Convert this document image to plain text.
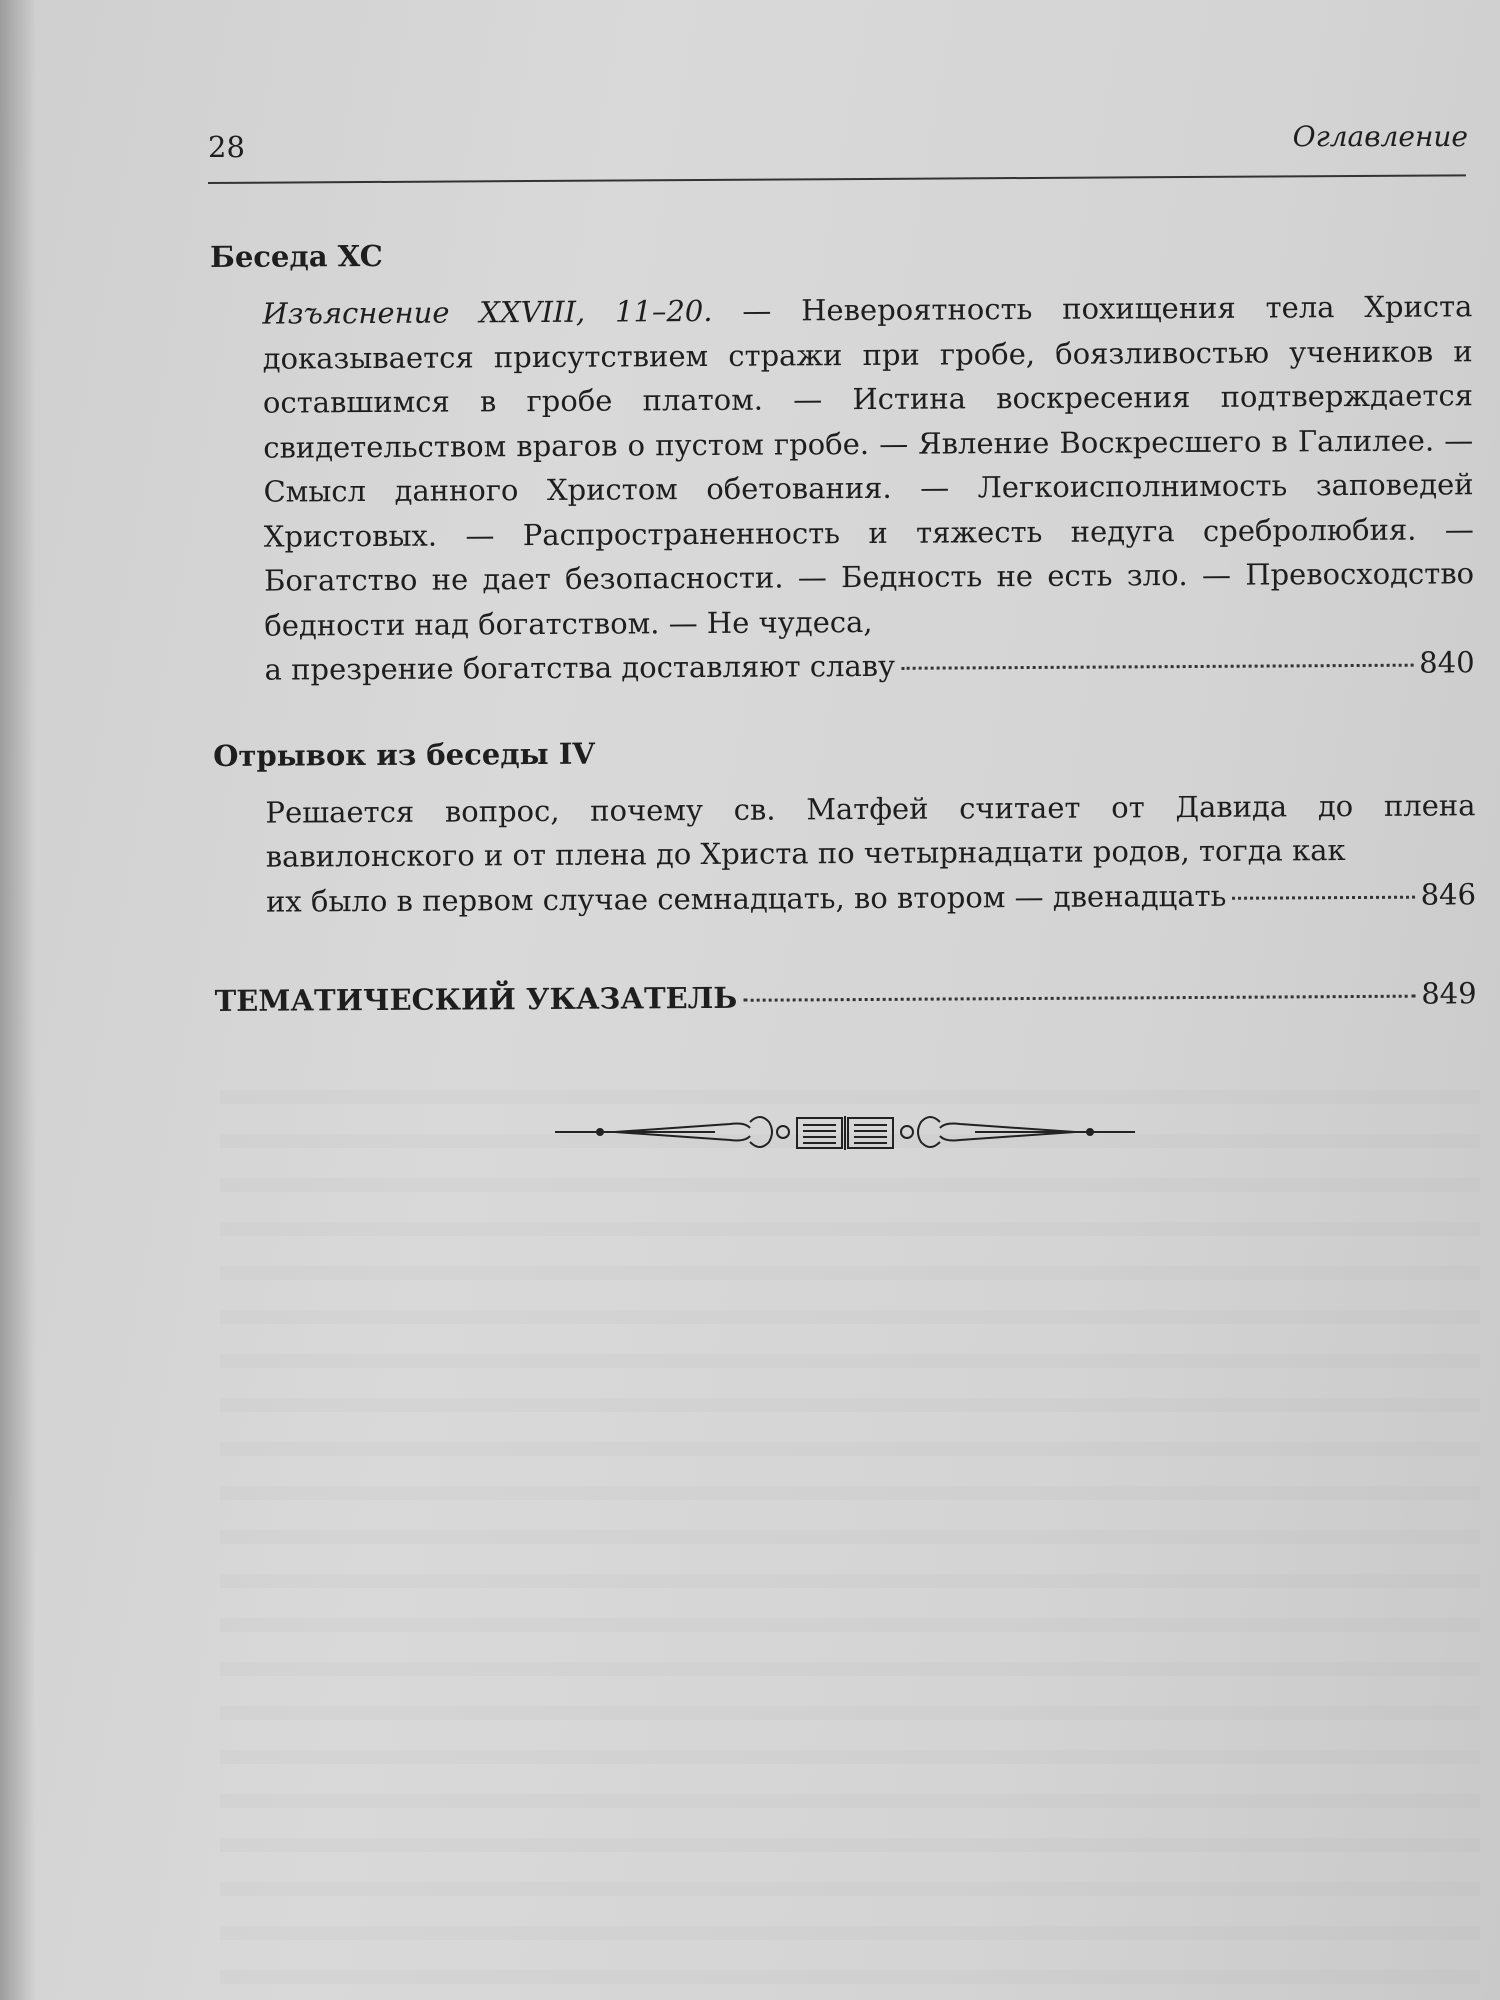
28	Оглавление
Беседа XC
Изъяснение XXVIII, 11–20. — Невероятность похищения тела Христа доказывается присутствием стражи при гробе, боязливостью учеников и оставшимся в гробе платом. — Истина воскресения подтверждается свидетельством врагов о пустом гробе. — Явление Воскресшего в Галилее. — Смысл данного Христом обетования. — Легкоисполнимость заповедей Христовых. — Распространенность и тяжесть недуга сребролюбия. — Богатство не дает безопасности. — Бедность не есть зло. — Превосходство бедности над богатством. — Не чудеса,
а презрение богатства доставляют славу	840
Отрывок из беседы IV
Решается вопрос, почему св. Матфей считает от Давида до плена вавилонского и от плена до Христа по четырнадцати родов, тогда как
их было в первом случае семнадцать, во втором — двенадцать	846
ТЕМАТИЧЕСКИЙ УКАЗАТЕЛЬ	849
